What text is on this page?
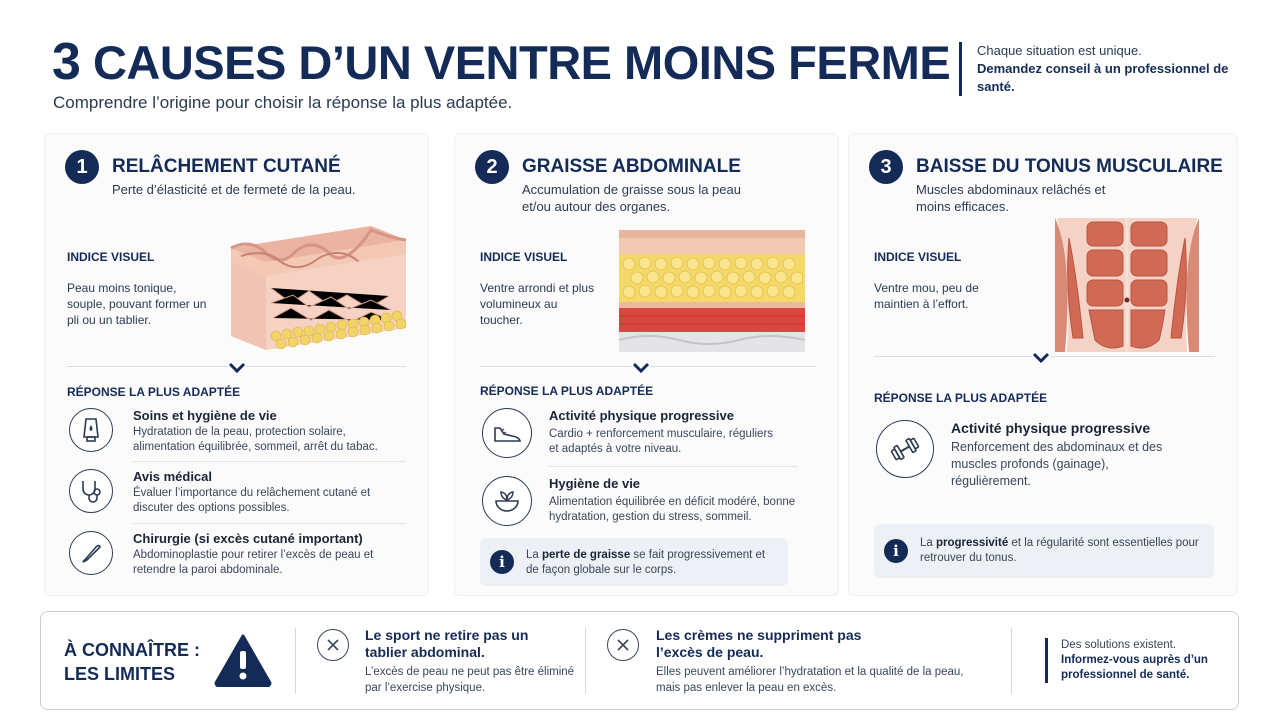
3 CAUSES D’UN VENTRE MOINS FERME
Comprendre l’origine pour choisir la réponse la plus adaptée.
Chaque situation est unique.
Demandez conseil à un professionnel de santé.
1	RELÂCHEMENT CUTANÉ
Perte d’élasticité et de fermeté de la peau.
INDICE VISUEL
Peau moins tonique, souple, pouvant former un pli ou un tablier.
RÉPONSE LA PLUS ADAPTÉE
Soins et hygiène de vie
Hydratation de la peau, protection solaire, alimentation équilibrée, sommeil, arrêt du tabac.
Avis médical
Évaluer l’importance du relâchement cutané et discuter des options possibles.
Chirurgie (si excès cutané important)
Abdominoplastie pour retirer l’excès de peau et retendre la paroi abdominale.
2	GRAISSE ABDOMINALE
Accumulation de graisse sous la peau et/ou autour des organes.
INDICE VISUEL
Ventre arrondi et plus volumineux au toucher.
RÉPONSE LA PLUS ADAPTÉE
Activité physique progressive
Cardio + renforcement musculaire, réguliers et adaptés à votre niveau.
Hygiène de vie
Alimentation équilibrée en déficit modéré, bonne hydratation, gestion du stress, sommeil.
i	La perte de graisse se fait progressivement et de façon globale sur le corps.
3	BAISSE DU TONUS MUSCULAIRE
Muscles abdominaux relâchés et moins efficaces.
INDICE VISUEL
Ventre mou, peu de maintien à l’effort.
RÉPONSE LA PLUS ADAPTÉE
Activité physique progressive
Renforcement des abdominaux et des muscles profonds (gainage), régulièrement.
i	La progressivité et la régularité sont essentielles pour retrouver du tonus.
À CONNAÎTRE :
LES LIMITES
Le sport ne retire pas un tablier abdominal.
L’excès de peau ne peut pas être éliminé par l’exercise physique.
Les crèmes ne suppriment pas l’excès de peau.
Elles peuvent améliorer l’hydratation et la qualité de la peau, mais pas enlever la peau en excès.
Des solutions existent.
Informez-vous auprès d’un professionnel de santé.
